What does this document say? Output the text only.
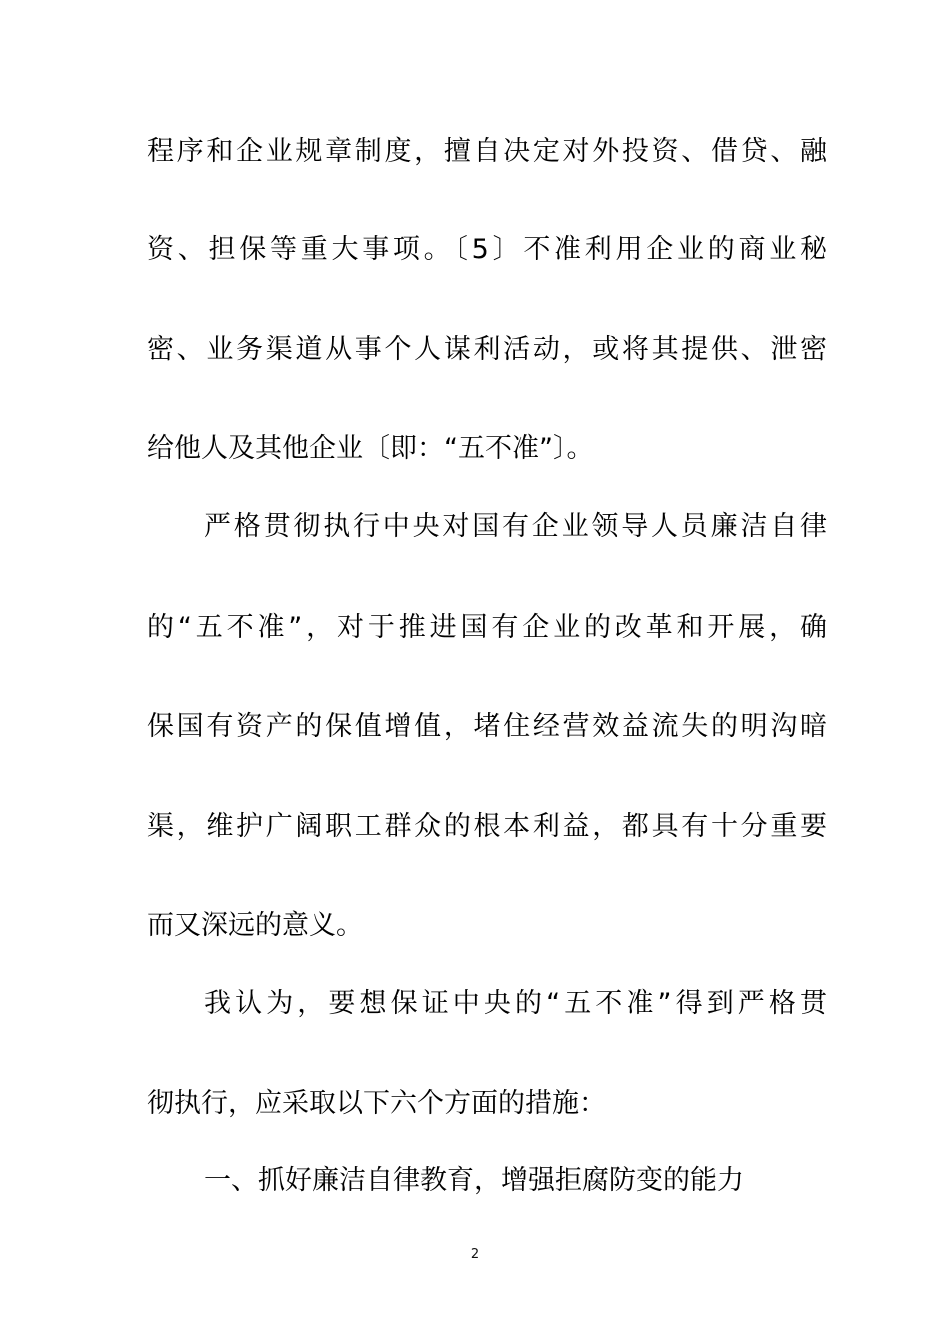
程序和企业规章制度，擅自决定对外投资、借贷、融
资、担保等重大事项。〔5〕不准利用企业的商业秘
密、业务渠道从事个人谋利活动，或将其提供、泄密
给他人及其他企业〔即：“五不准”〕。
严格贯彻执行中央对国有企业领导人员廉洁自律
的“五不准”，对于推进国有企业的改革和开展，确
保国有资产的保值增值，堵住经营效益流失的明沟暗
渠，维护广阔职工群众的根本利益，都具有十分重要
而又深远的意义。
我认为，要想保证中央的“五不准”得到严格贯
彻执行，应采取以下六个方面的措施：
一、抓好廉洁自律教育，增强拒腐防变的能力
2
